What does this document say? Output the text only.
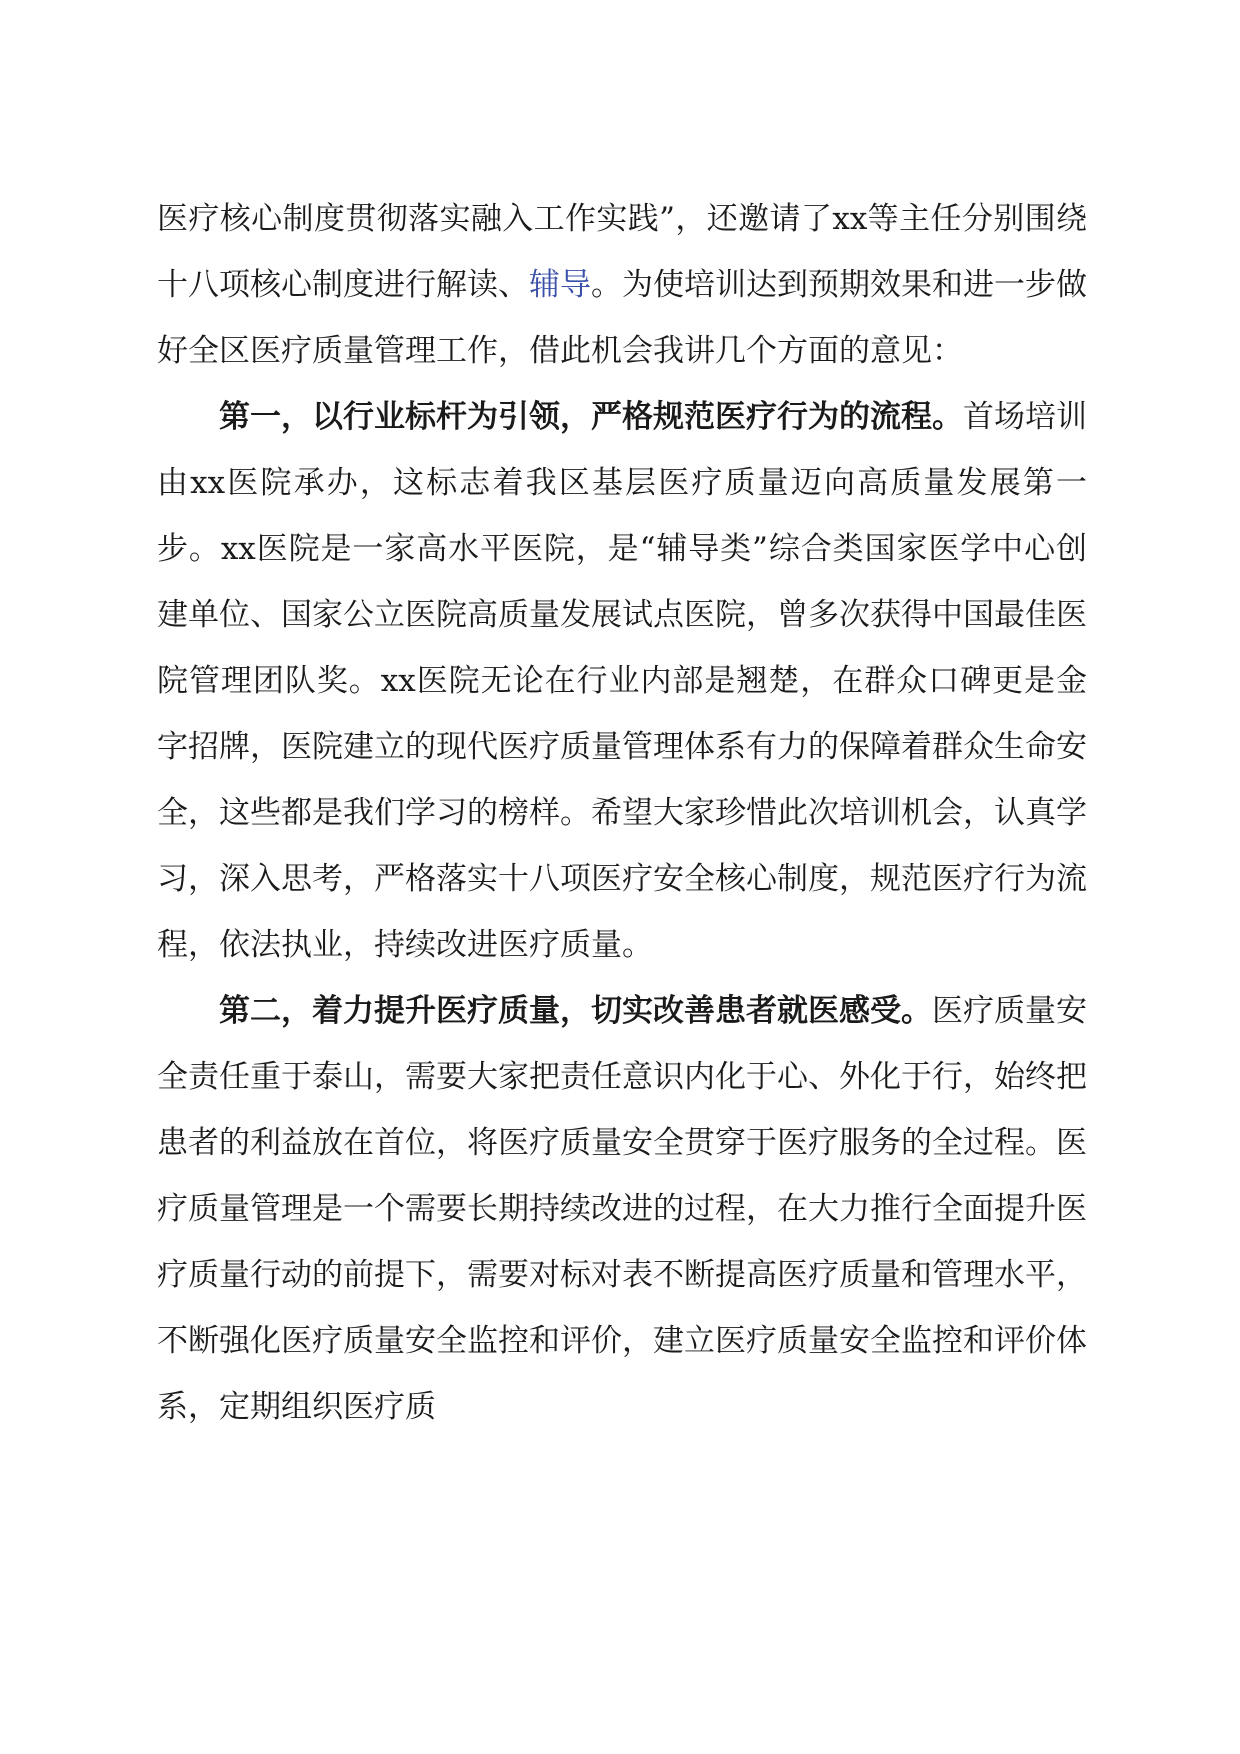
医疗核心制度贯彻落实融入工作实践”，还邀请了xx等主任分别围绕十八项核心制度进行解读、辅导。为使培训达到预期效果和进一步做好全区医疗质量管理工作，借此机会我讲几个方面的意见：

第一，以行业标杆为引领，严格规范医疗行为的流程。首场培训由xx医院承办，这标志着我区基层医疗质量迈向高质量发展第一步。xx医院是一家高水平医院，是“辅导类”综合类国家医学中心创建单位、国家公立医院高质量发展试点医院，曾多次获得中国最佳医院管理团队奖。xx医院无论在行业内部是翘楚，在群众口碑更是金字招牌，医院建立的现代医疗质量管理体系有力的保障着群众生命安全，这些都是我们学习的榜样。希望大家珍惜此次培训机会，认真学习，深入思考，严格落实十八项医疗安全核心制度，规范医疗行为流程，依法执业，持续改进医疗质量。

第二，着力提升医疗质量，切实改善患者就医感受。医疗质量安全责任重于泰山，需要大家把责任意识内化于心、外化于行，始终把患者的利益放在首位，将医疗质量安全贯穿于医疗服务的全过程。医疗质量管理是一个需要长期持续改进的过程，在大力推行全面提升医疗质量行动的前提下，需要对标对表不断提高医疗质量和管理水平，不断强化医疗质量安全监控和评价，建立医疗质量安全监控和评价体系，定期组织医疗质
